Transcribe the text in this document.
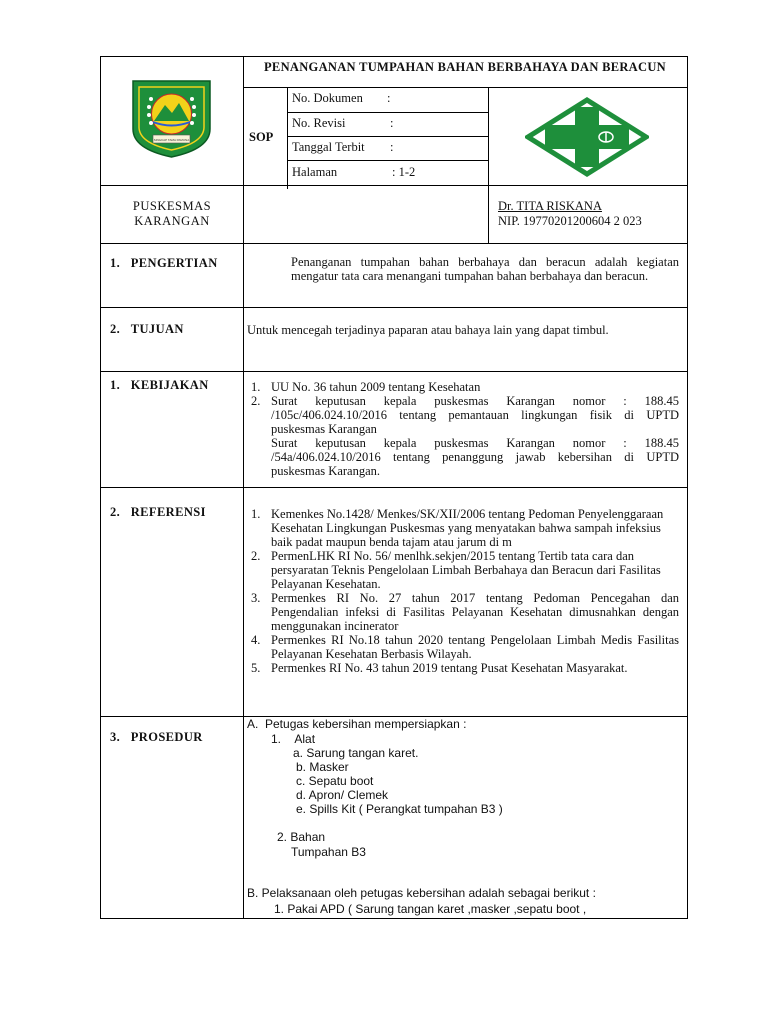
PENANGANAN TUMPAHAN BAHAN BERBAHAYA DAN BERACUN
SINGKAP TAMA PAMUNA	SOP
No. Dokumen :
No. Revisi	:
Tanggal Terbit :
Halaman	: 1-2
PUSKESMAS
KARANGAN
Dr. TITA RISKANA
NIP. 19770201200604 2 023
1.   PENGERTIAN	Penanganan tumpahan bahan berbahaya dan beracun adalah kegiatan mengatur tata cara menangani tumpahan bahan berbahaya dan beracun.
2.   TUJUAN	Untuk mencegah terjadinya paparan atau bahaya lain yang dapat timbul.
1.   KEBIJAKAN	1. UU No. 36 tahun 2009 tentang Kesehatan
2. Surat keputusan kepala puskesmas Karangan nomor : 188.45 /105c/406.024.10/2016 tentang pemantauan lingkungan fisik di UPTD puskesmas Karangan
Surat keputusan kepala puskesmas Karangan nomor : 188.45 /54a/406.024.10/2016 tentang penanggung jawab kebersihan di UPTD puskesmas Karangan.
2.   REFERENSI	1. Kemenkes No.1428/ Menkes/SK/XII/2006 tentang Pedoman Penyelenggaraan Kesehatan Lingkungan Puskesmas yang menyatakan bahwa sampah infeksius baik padat maupun benda tajam atau jarum di m
2. PermenLHK RI No. 56/ menlhk.sekjen/2015 tentang Tertib tata cara dan persyaratan Teknis Pengelolaan Limbah Berbahaya dan Beracun dari Fasilitas Pelayanan Kesehatan.
3. Permenkes RI No. 27 tahun 2017 tentang Pedoman Pencegahan dan Pengendalian infeksi di Fasilitas Pelayanan Kesehatan dimusnahkan dengan menggunakan incinerator
4. Permenkes RI No.18 tahun 2020 tentang Pengelolaan Limbah Medis Fasilitas Pelayanan Kesehatan Berbasis Wilayah.
5. Permenkes RI No. 43 tahun 2019 tentang Pusat Kesehatan Masyarakat.
3.   PROSEDUR
A.  Petugas kebersihan mempersiapkan :
1.    Alat
a. Sarung tangan karet.
b. Masker
c. Sepatu boot
d. Apron/ Clemek
e. Spills Kit ( Perangkat tumpahan B3 )
2. Bahan
Tumpahan B3
B. Pelaksanaan oleh petugas kebersihan adalah sebagai berikut :
1. Pakai APD ( Sarung tangan karet ,masker ,sepatu boot ,
